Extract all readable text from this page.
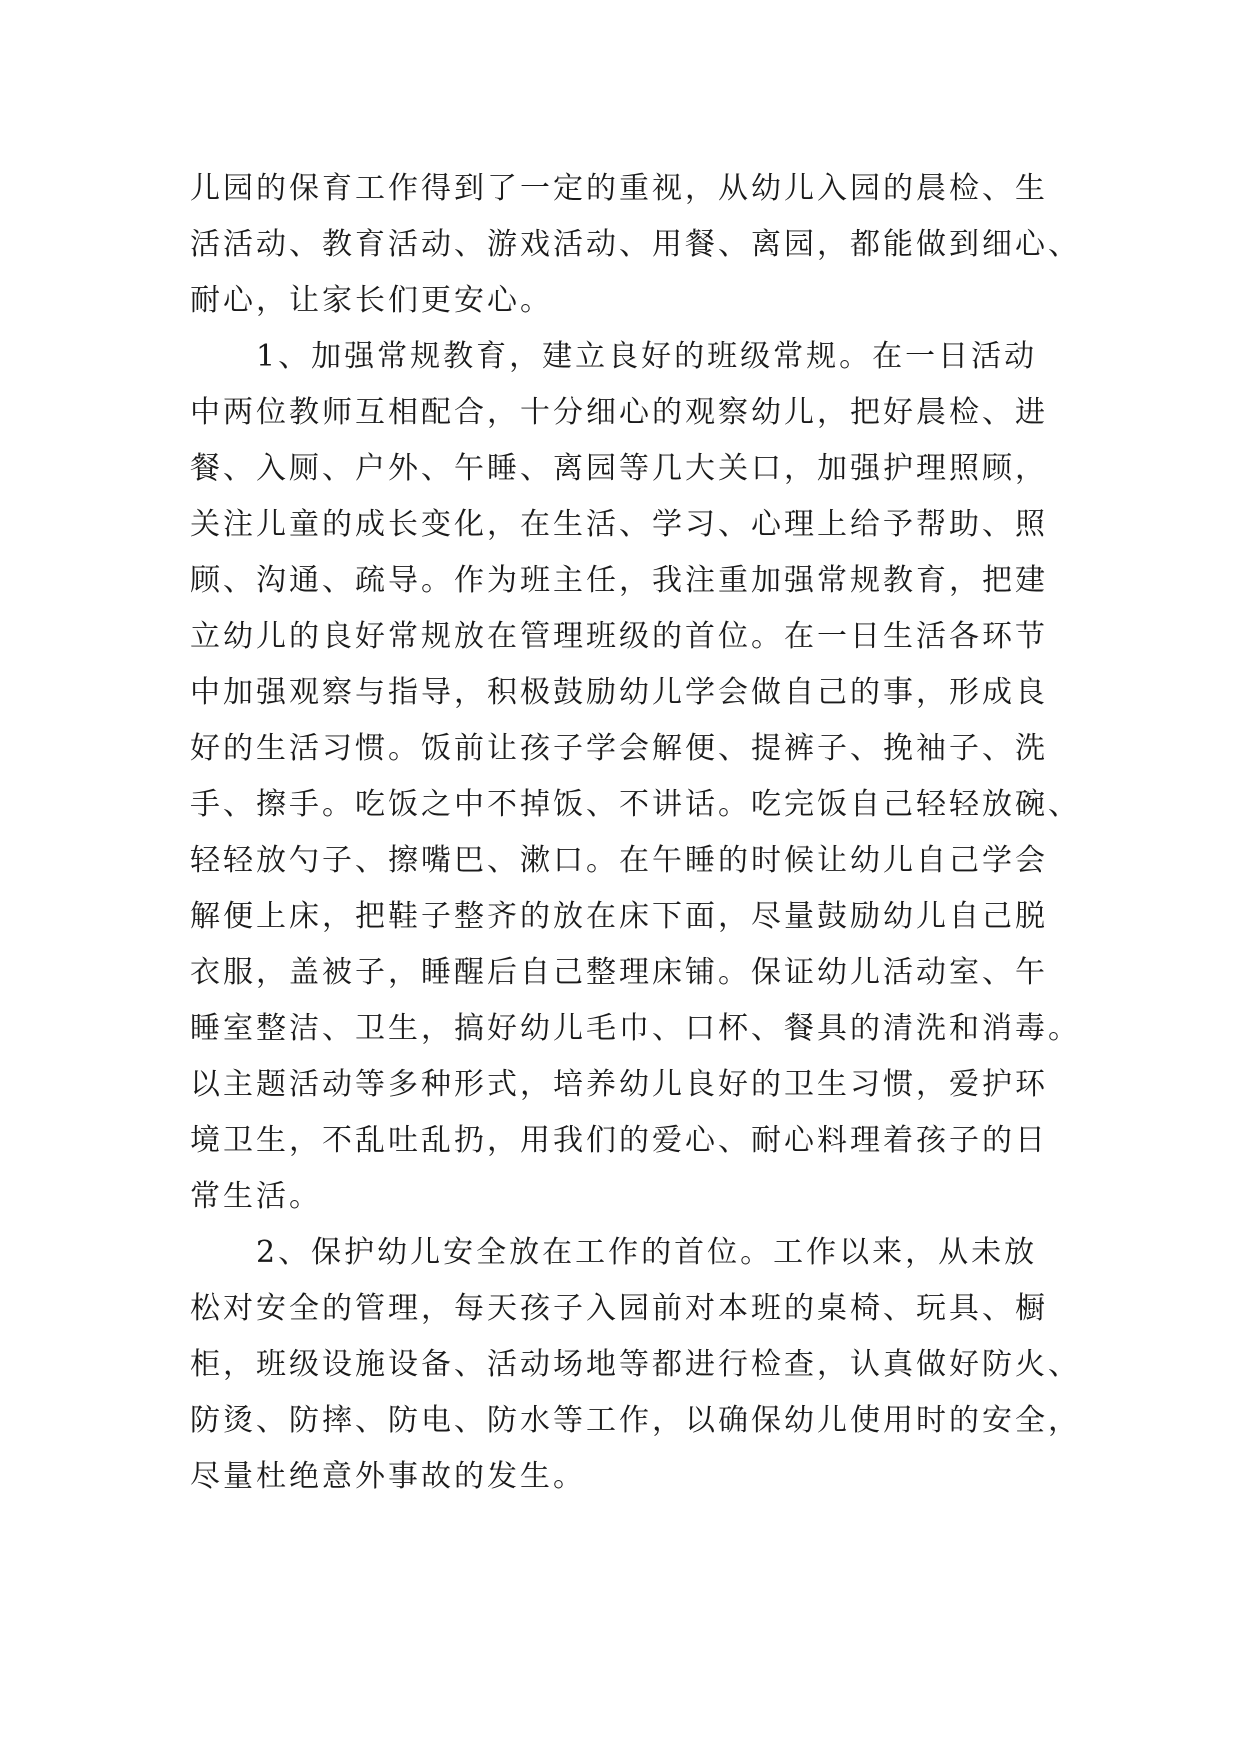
儿园的保育工作得到了一定的重视，从幼儿入园的晨检、生
活活动、教育活动、游戏活动、用餐、离园，都能做到细心、
耐心，让家长们更安心。
1、加强常规教育，建立良好的班级常规。在一日活动
中两位教师互相配合，十分细心的观察幼儿，把好晨检、进
餐、入厕、户外、午睡、离园等几大关口，加强护理照顾，
关注儿童的成长变化，在生活、学习、心理上给予帮助、照
顾、沟通、疏导。作为班主任，我注重加强常规教育，把建
立幼儿的良好常规放在管理班级的首位。在一日生活各环节
中加强观察与指导，积极鼓励幼儿学会做自己的事，形成良
好的生活习惯。饭前让孩子学会解便、提裤子、挽袖子、洗
手、擦手。吃饭之中不掉饭、不讲话。吃完饭自己轻轻放碗、
轻轻放勺子、擦嘴巴、漱口。在午睡的时候让幼儿自己学会
解便上床，把鞋子整齐的放在床下面，尽量鼓励幼儿自己脱
衣服，盖被子，睡醒后自己整理床铺。保证幼儿活动室、午
睡室整洁、卫生，搞好幼儿毛巾、口杯、餐具的清洗和消毒。
以主题活动等多种形式，培养幼儿良好的卫生习惯，爱护环
境卫生，不乱吐乱扔，用我们的爱心、耐心料理着孩子的日
常生活。
2、保护幼儿安全放在工作的首位。工作以来，从未放
松对安全的管理，每天孩子入园前对本班的桌椅、玩具、橱
柜，班级设施设备、活动场地等都进行检查，认真做好防火、
防烫、防摔、防电、防水等工作，以确保幼儿使用时的安全，
尽量杜绝意外事故的发生。
